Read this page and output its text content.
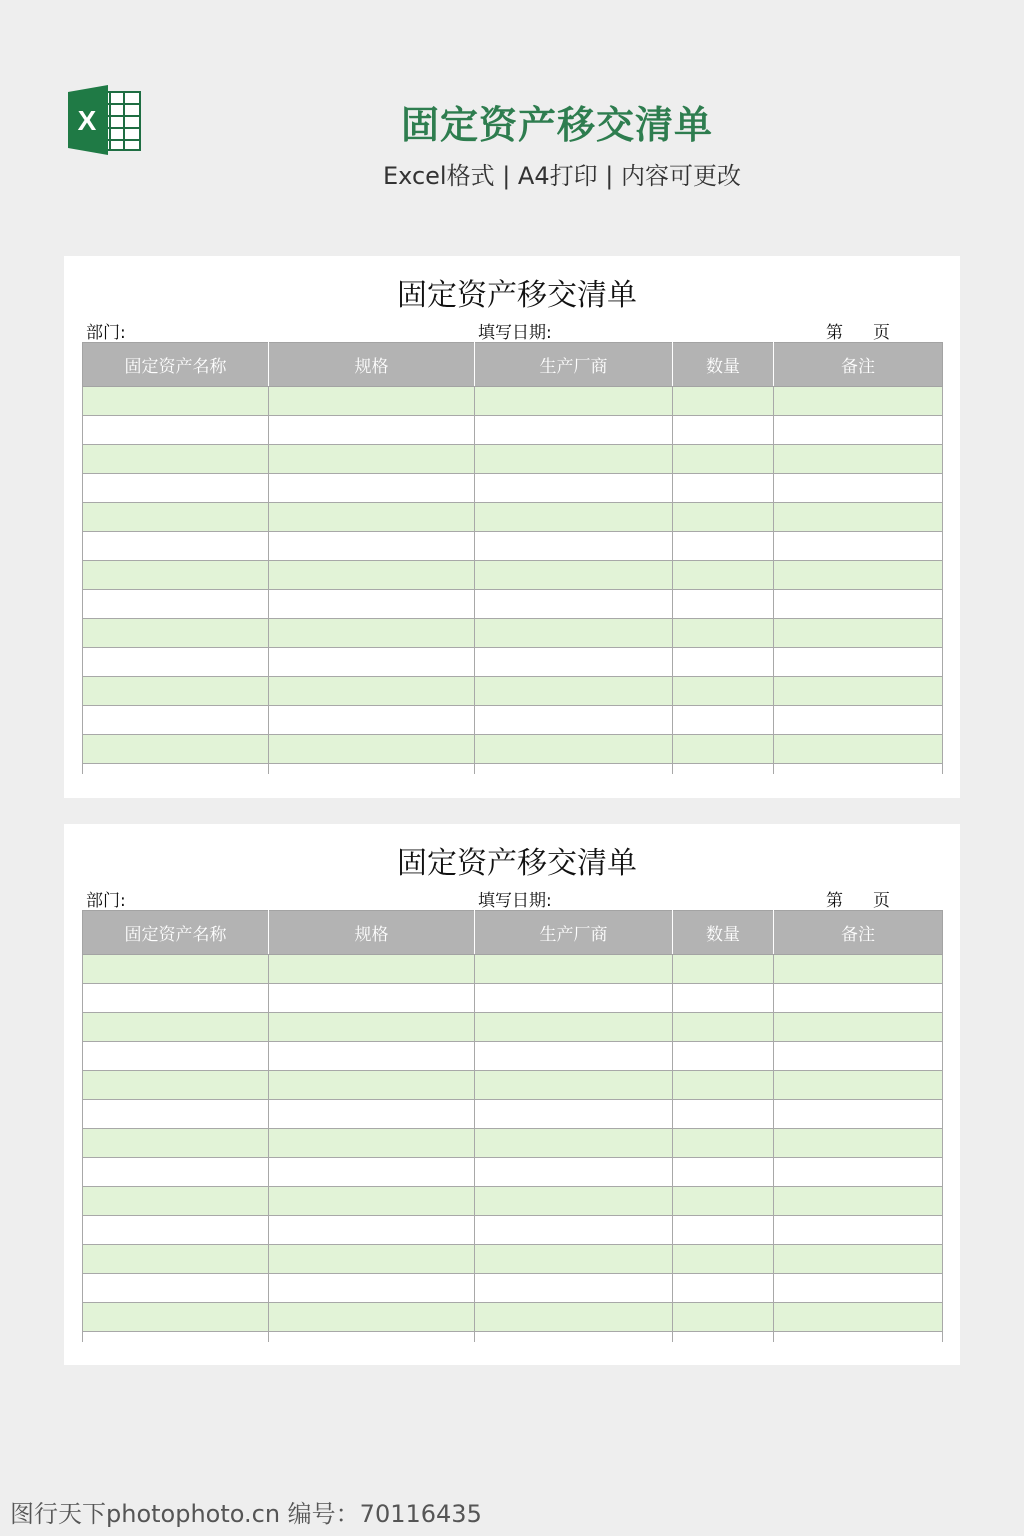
X	固定资产移交清单
Excel格式 | A4打印 | 内容可更改
固定资产移交清单
部门:	填写日期:	第 页
固定资产名称	规格	生产厂商	数量	备注

固定资产移交清单
部门:	填写日期:	第 页
固定资产名称	规格	生产厂商	数量	备注

图行天下photophoto.cn 编号：70116435
